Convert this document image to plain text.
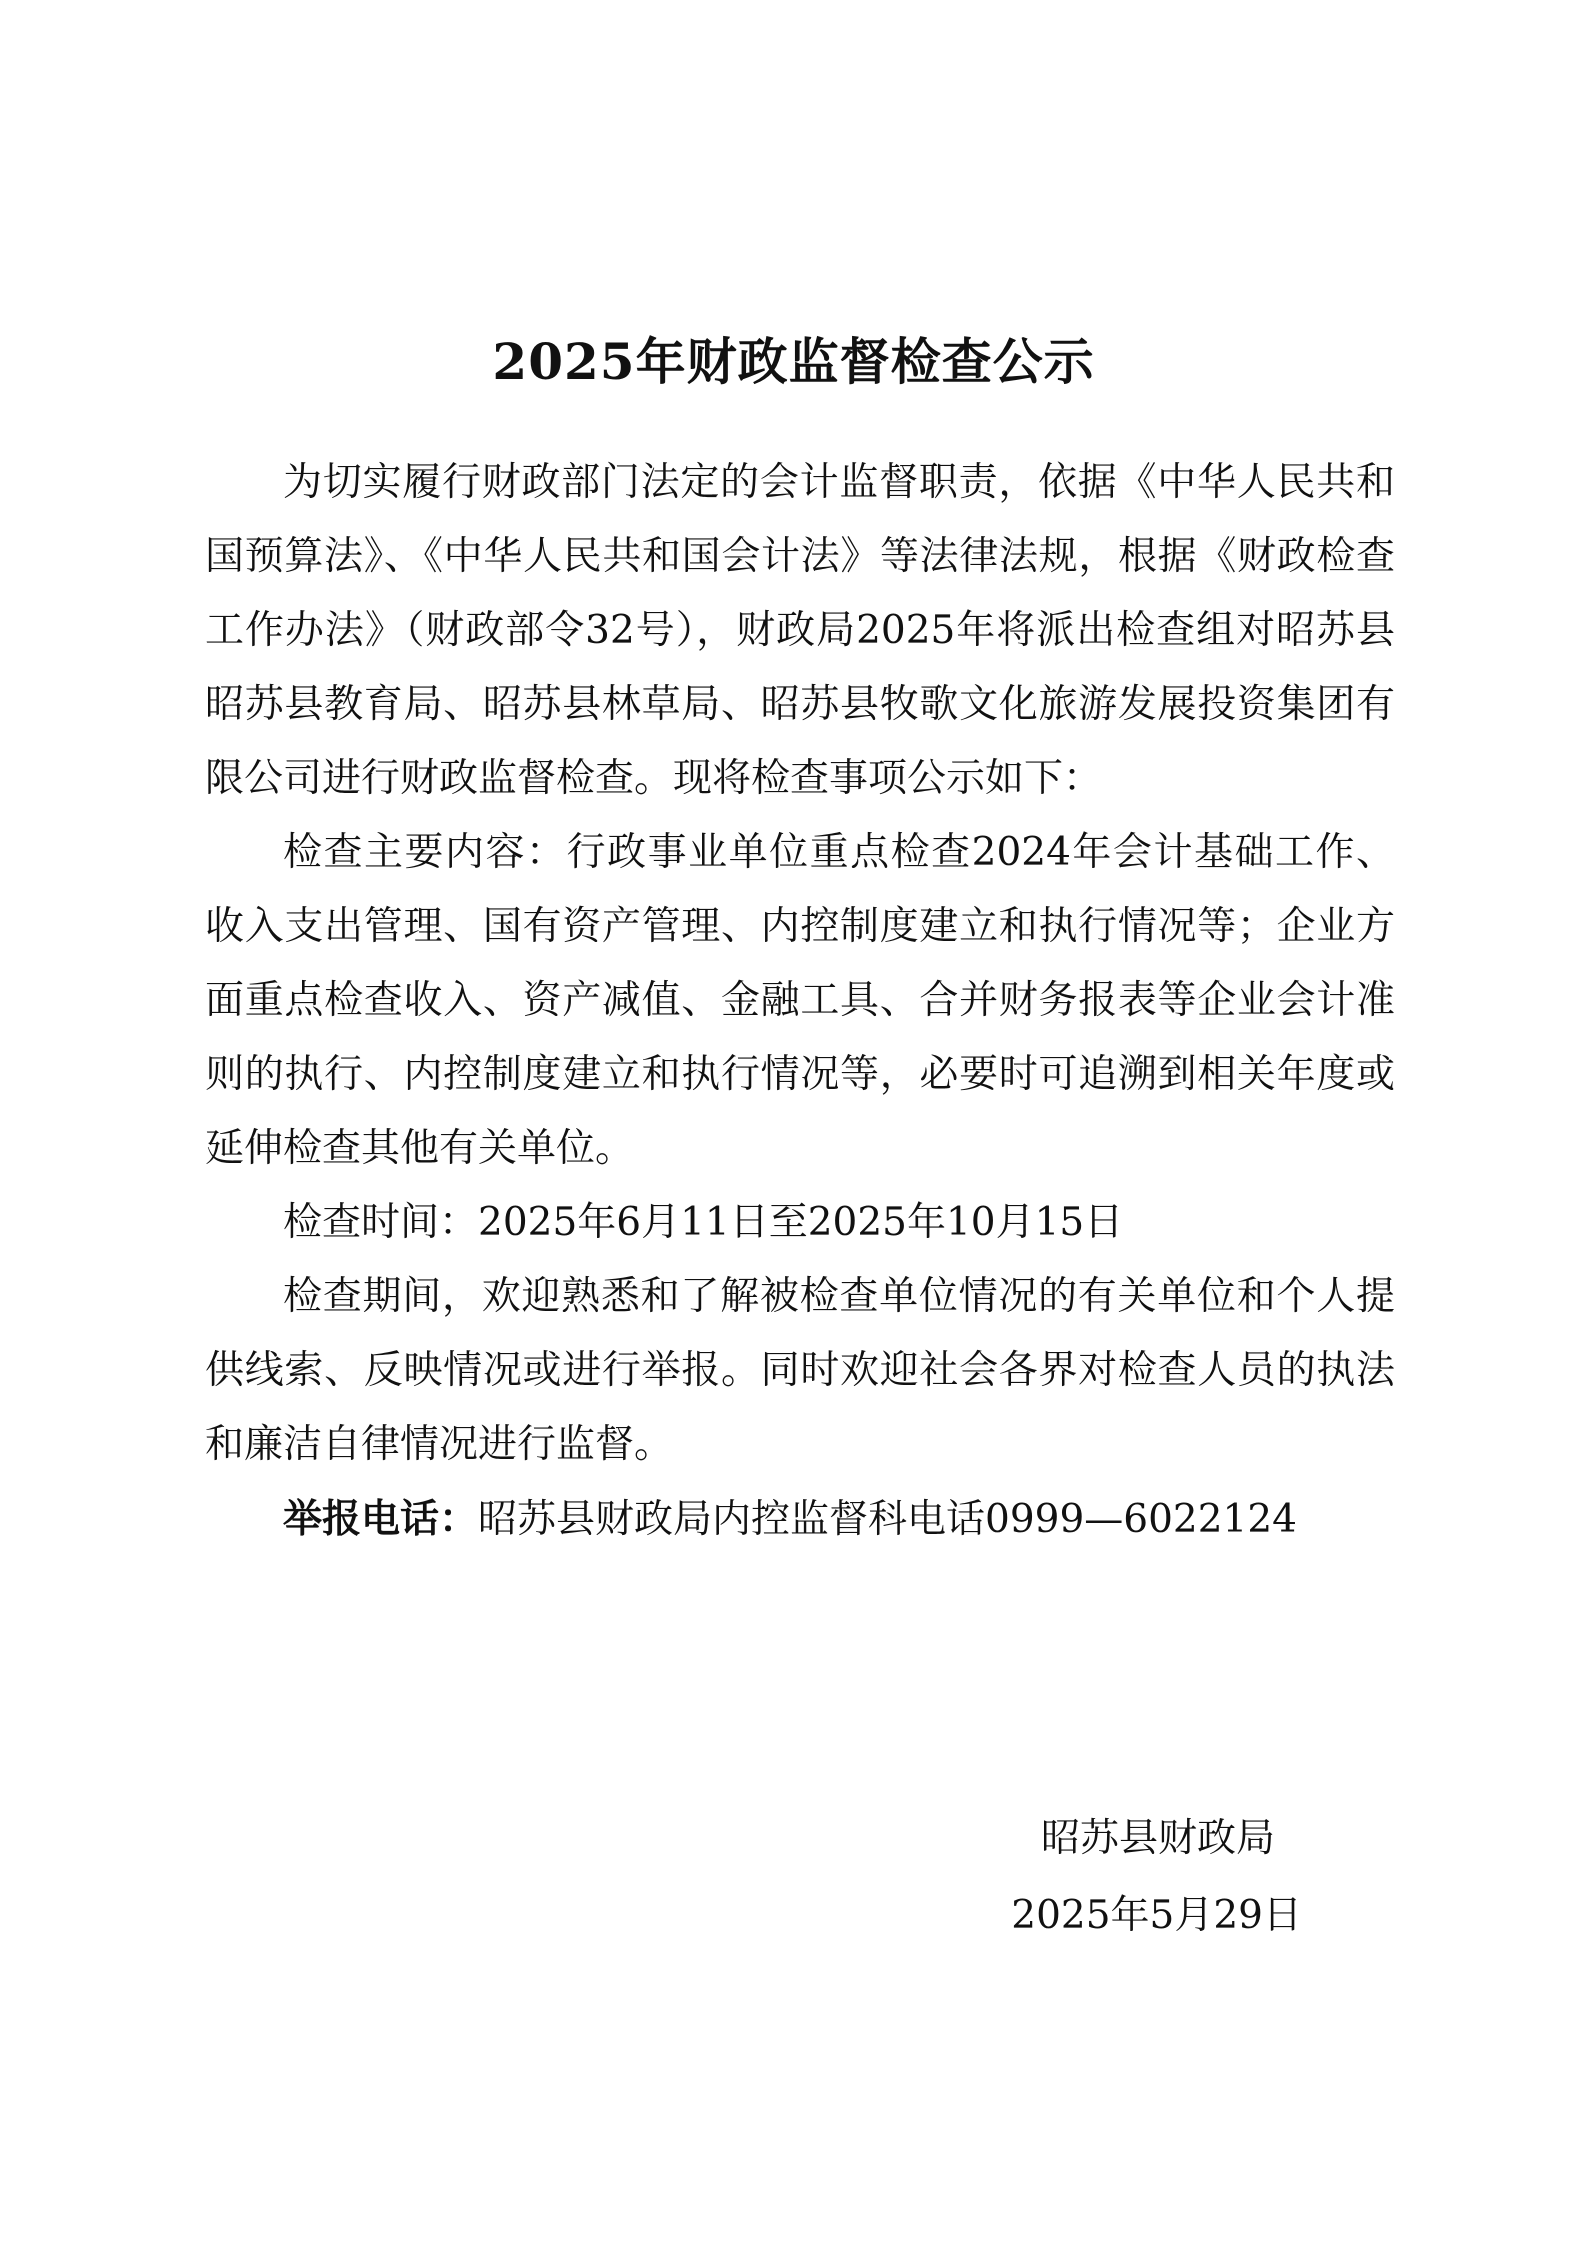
2025年财政监督检查公示

为切实履行财政部门法定的会计监督职责，依据《中华人民共和国预算法》、《中华人民共和国会计法》等法律法规，根据《财政检查工作办法》（财政部令32号），财政局2025年将派出检查组对昭苏县昭苏县教育局、昭苏县林草局、昭苏县牧歌文化旅游发展投资集团有限公司进行财政监督检查。现将检查事项公示如下：

检查主要内容：行政事业单位重点检查2024年会计基础工作、收入支出管理、国有资产管理、内控制度建立和执行情况等；企业方面重点检查收入、资产减值、金融工具、合并财务报表等企业会计准则的执行、内控制度建立和执行情况等，必要时可追溯到相关年度或延伸检查其他有关单位。

检查时间：2025年6月11日至2025年10月15日

检查期间，欢迎熟悉和了解被检查单位情况的有关单位和个人提供线索、反映情况或进行举报。同时欢迎社会各界对检查人员的执法和廉洁自律情况进行监督。

举报电话：昭苏县财政局内控监督科电话0999—6022124

昭苏县财政局
2025年5月29日
